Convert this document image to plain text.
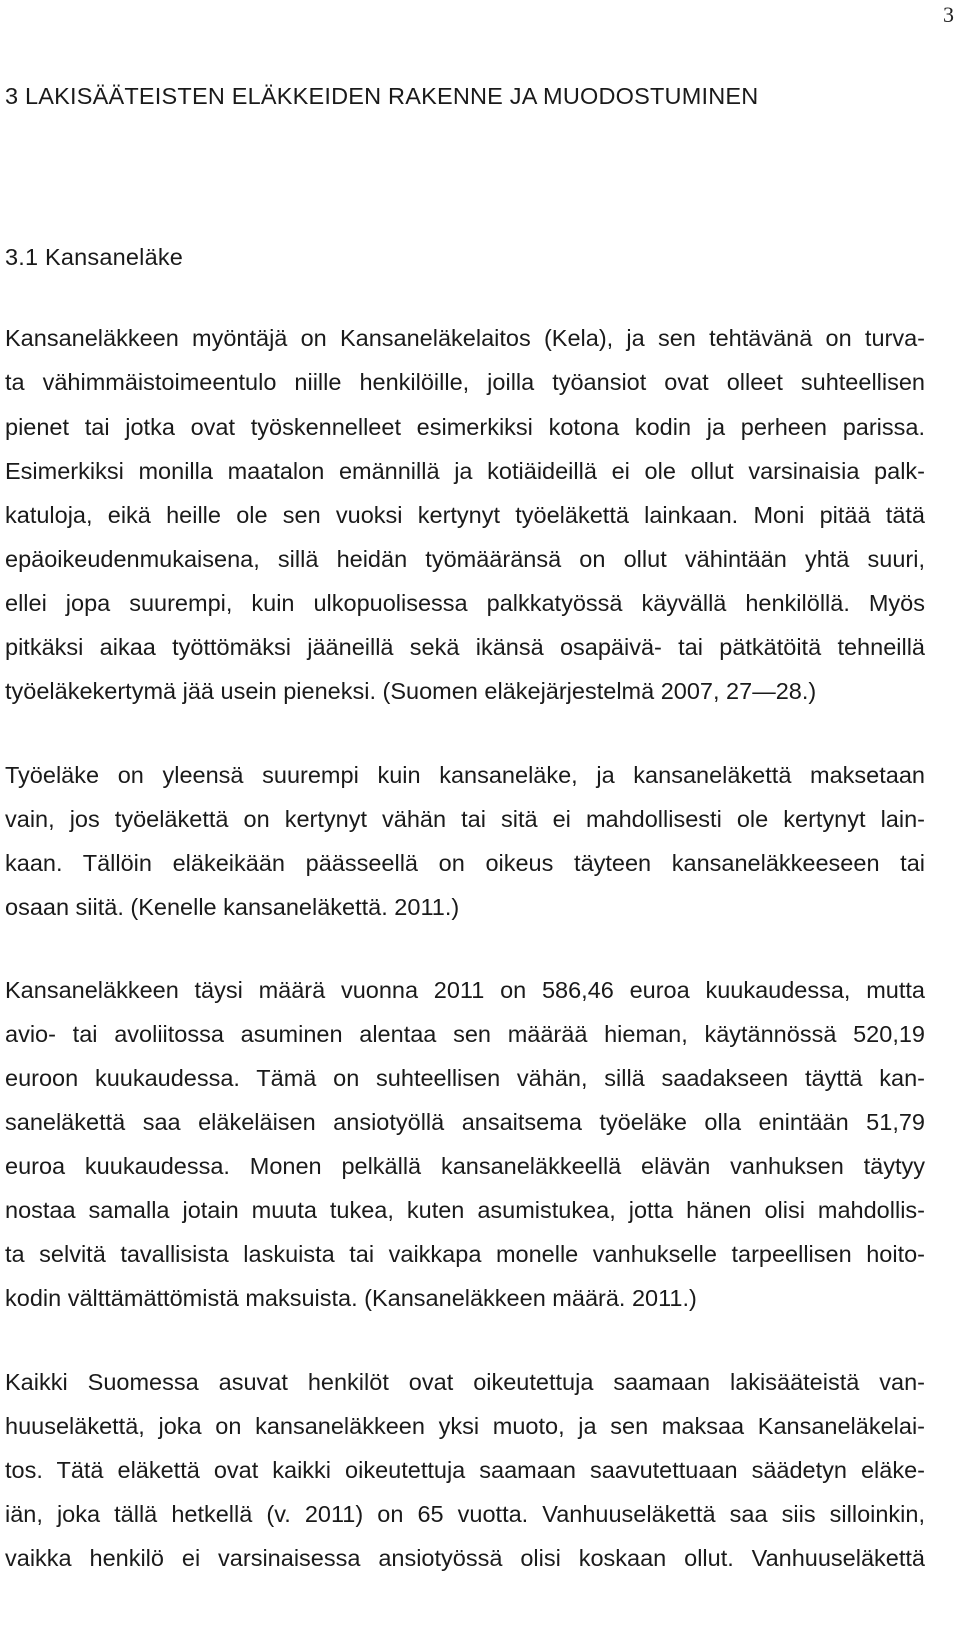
3
3 LAKISÄÄTEISTEN ELÄKKEIDEN RAKENNE JA MUODOSTUMINEN
3.1 Kansaneläke
Kansaneläkkeen myöntäjä on Kansaneläkelaitos (Kela), ja sen tehtävänä on turva-
ta vähimmäistoimeentulo niille henkilöille, joilla työansiot ovat olleet suhteellisen
pienet tai jotka ovat työskennelleet esimerkiksi kotona kodin ja perheen parissa.
Esimerkiksi monilla maatalon emännillä ja kotiäideillä ei ole ollut varsinaisia palk-
katuloja, eikä heille ole sen vuoksi kertynyt työeläkettä lainkaan. Moni pitää tätä
epäoikeudenmukaisena, sillä heidän työmääränsä on ollut vähintään yhtä suuri,
ellei jopa suurempi, kuin ulkopuolisessa palkkatyössä käyvällä henkilöllä. Myös
pitkäksi aikaa työttömäksi jääneillä sekä ikänsä osapäivä- tai pätkätöitä tehneillä
työeläkekertymä jää usein pieneksi. (Suomen eläkejärjestelmä 2007, 27—28.)
Työeläke on yleensä suurempi kuin kansaneläke, ja kansaneläkettä maksetaan
vain, jos työeläkettä on kertynyt vähän tai sitä ei mahdollisesti ole kertynyt lain-
kaan. Tällöin eläkeikään päässeellä on oikeus täyteen kansaneläkkeeseen tai
osaan siitä. (Kenelle kansaneläkettä. 2011.)
Kansaneläkkeen täysi määrä vuonna 2011 on 586,46 euroa kuukaudessa, mutta
avio- tai avoliitossa asuminen alentaa sen määrää hieman, käytännössä 520,19
euroon kuukaudessa. Tämä on suhteellisen vähän, sillä saadakseen täyttä kan-
saneläkettä saa eläkeläisen ansiotyöllä ansaitsema työeläke olla enintään 51,79
euroa kuukaudessa. Monen pelkällä kansaneläkkeellä elävän vanhuksen täytyy
nostaa samalla jotain muuta tukea, kuten asumistukea, jotta hänen olisi mahdollis-
ta selvitä tavallisista laskuista tai vaikkapa monelle vanhukselle tarpeellisen hoito-
kodin välttämättömistä maksuista. (Kansaneläkkeen määrä. 2011.)
Kaikki Suomessa asuvat henkilöt ovat oikeutettuja saamaan lakisääteistä van-
huuseläkettä, joka on kansaneläkkeen yksi muoto, ja sen maksaa Kansaneläkelai-
tos. Tätä eläkettä ovat kaikki oikeutettuja saamaan saavutettuaan säädetyn eläke-
iän, joka tällä hetkellä (v. 2011) on 65 vuotta. Vanhuuseläkettä saa siis silloinkin,
vaikka henkilö ei varsinaisessa ansiotyössä olisi koskaan ollut. Vanhuuseläkettä
